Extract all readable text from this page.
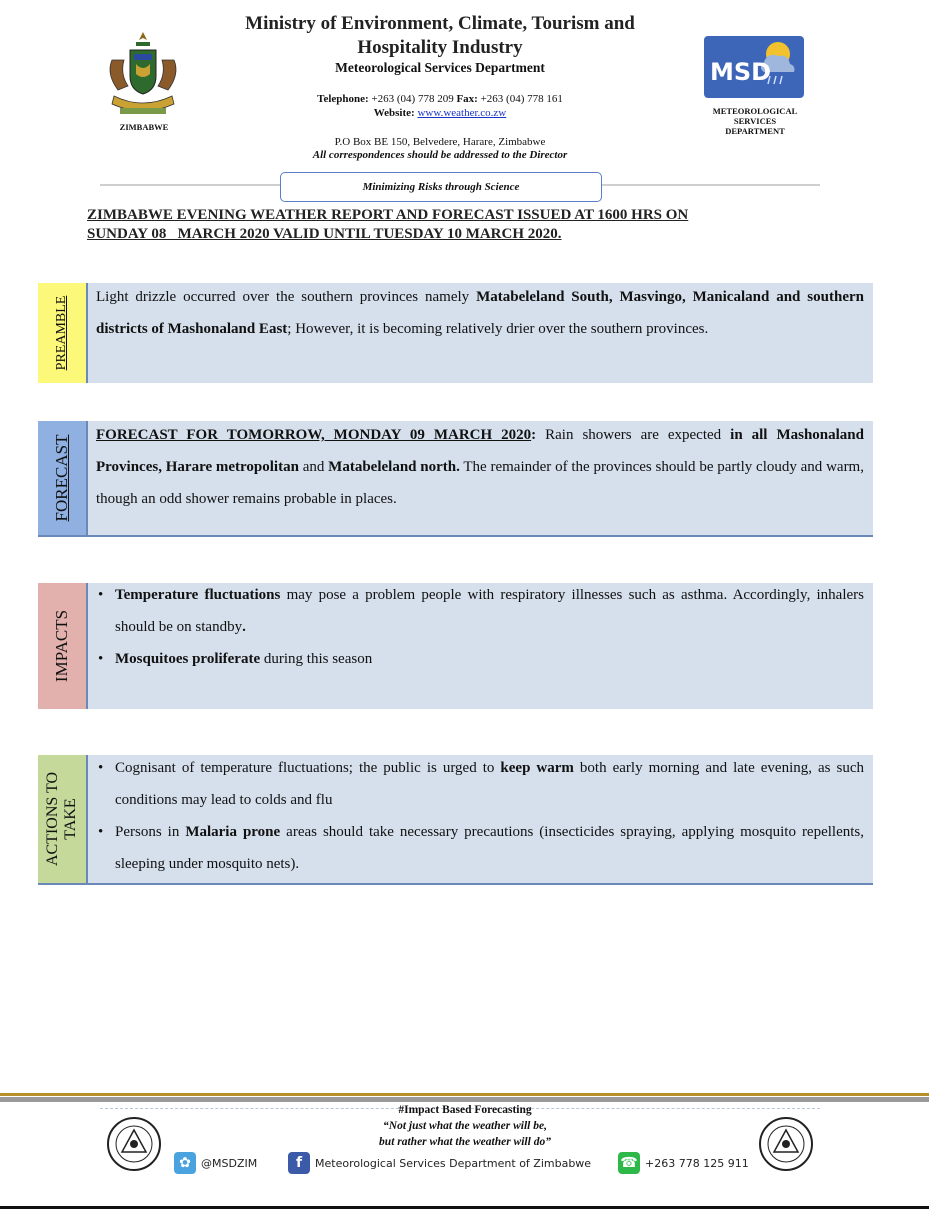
ZIMBABWE
Ministry of Environment, Climate, Tourism and Hospitality Industry
Meteorological Services Department
Telephone: +263 (04) 778 209 Fax: +263 (04) 778 161
Website: www.weather.co.zw
P.O Box BE 150, Belvedere, Harare, Zimbabwe
All correspondences should be addressed to the Director
MSD
METEOROLOGICAL
SERVICES
DEPARTMENT
Minimizing Risks through Science
ZIMBABWE EVENING WEATHER REPORT AND FORECAST ISSUED AT 1600 HRS ON
SUNDAY 08   MARCH 2020 VALID UNTIL TUESDAY 10 MARCH 2020.
PREAMBLE Light drizzle occurred over the southern provinces namely Matabeleland South, Masvingo, Manicaland and southern districts of Mashonaland East; However, it is becoming relatively drier over the southern provinces.
FORECAST FORECAST FOR TOMORROW, MONDAY 09 MARCH 2020: Rain showers are expected in all Mashonaland Provinces, Harare metropolitan and Matabeleland north. The remainder of the provinces should be partly cloudy and warm, though an odd shower remains probable in places.
IMPACTS
• Temperature fluctuations may pose a problem people with respiratory illnesses such as asthma. Accordingly, inhalers should be on standby.
• Mosquitoes proliferate during this season
ACTIONS TO TAKE
• Cognisant of temperature fluctuations; the public is urged to keep warm both early morning and late evening, as such conditions may lead to colds and flu
• Persons in Malaria prone areas should take necessary precautions (insecticides spraying, applying mosquito repellents, sleeping under mosquito nets).
#Impact Based Forecasting
“Not just what the weather will be,
but rather what the weather will do”
✿ @MSDZIM	f	Meteorological Services Department of Zimbabwe ☎ +263 778 125 911
